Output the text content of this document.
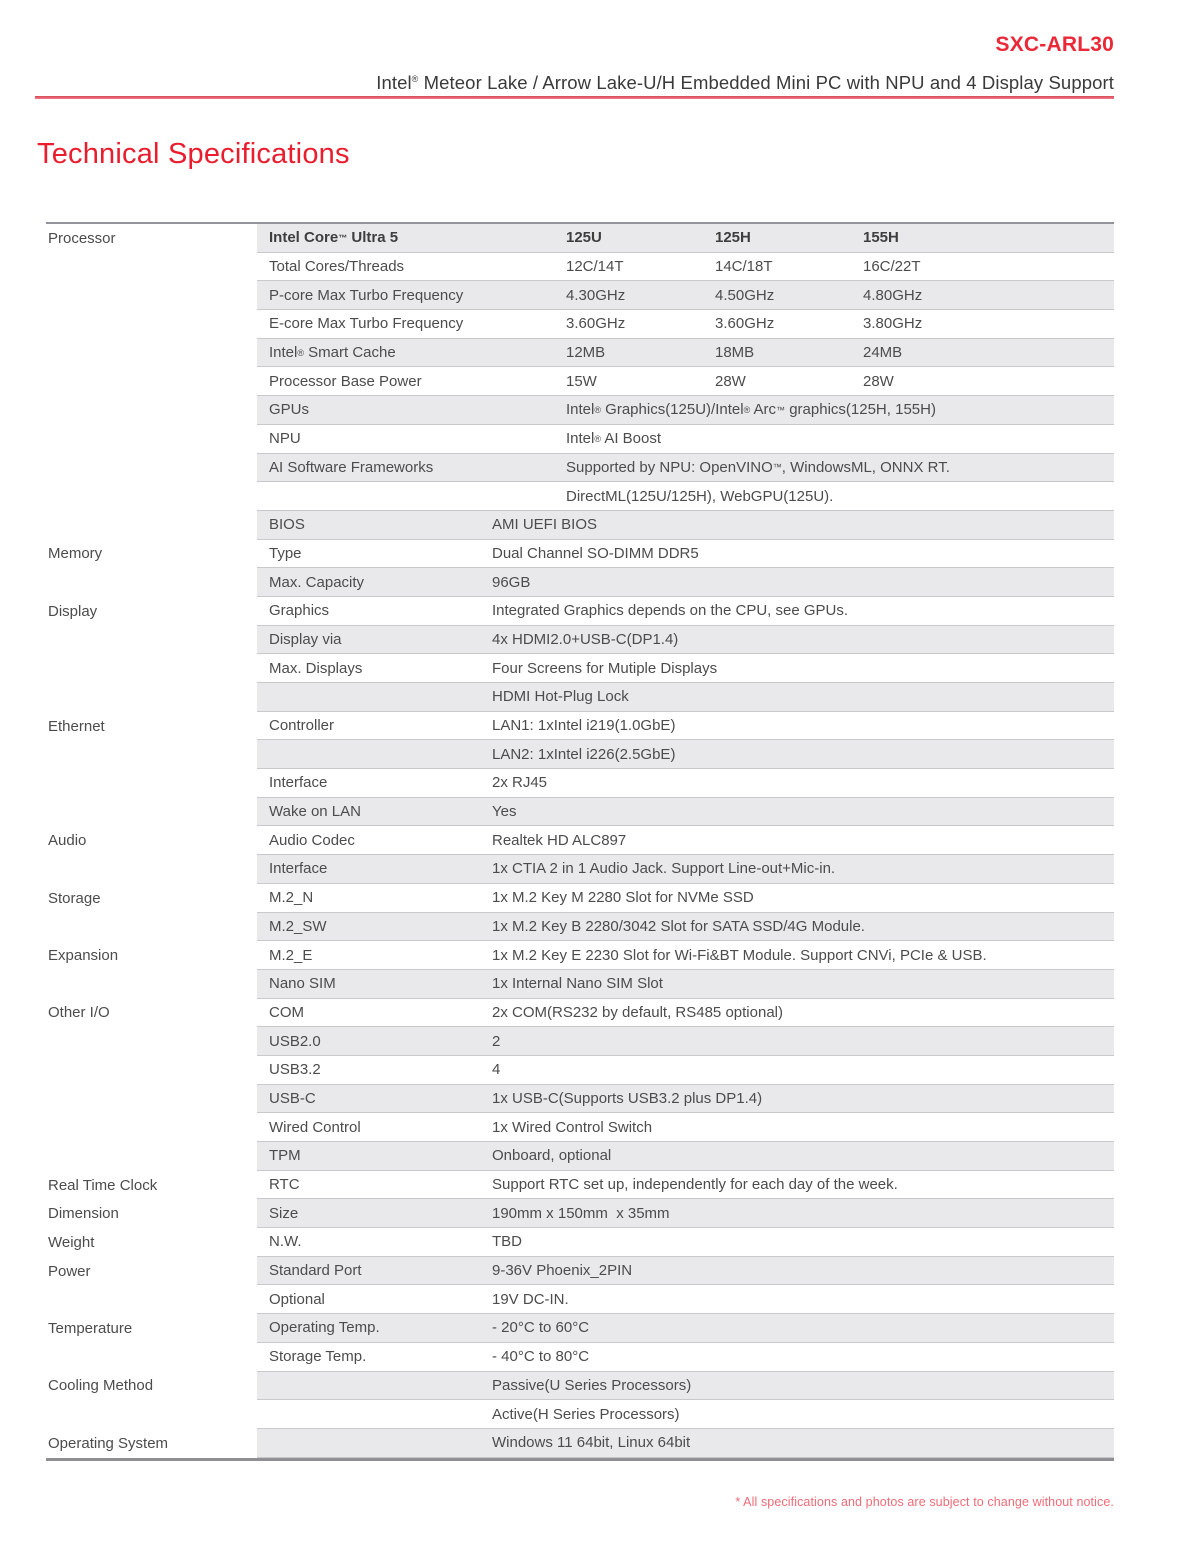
SXC-ARL30
Intel® Meteor Lake / Arrow Lake-U/H Embedded Mini PC with NPU and 4 Display Support
Technical Specifications
Processor	Intel Core ™ Ultra 5	125U	125H	155H
Total Cores/Threads	12C/14T	14C/18T	16C/22T
P-core Max Turbo Frequency	4.30GHz	4.50GHz	4.80GHz
E-core Max Turbo Frequency	3.60GHz	3.60GHz	3.80GHz
Intel ® Smart Cache	12MB	18MB	24MB
Processor Base Power	15W	28W	28W
GPUs	Intel ® Graphics(125U)/Intel ® Arc ™ graphics(125H, 155H)
NPU	Intel ® AI Boost
AI Software Frameworks	Supported by NPU: OpenVINO ™ , WindowsML, ONNX RT.
DirectML(125U/125H), WebGPU(125U).
BIOS	AMI UEFI BIOS
Memory	Type	Dual Channel SO-DIMM DDR5
Max. Capacity	96GB
Display	Graphics	Integrated Graphics depends on the CPU, see GPUs.
Display via	4x HDMI2.0+USB-C(DP1.4)
Max. Displays	Four Screens for Mutiple Displays
HDMI Hot-Plug Lock
Ethernet	Controller	LAN1: 1xIntel i219(1.0GbE)
LAN2: 1xIntel i226(2.5GbE)
Interface	2x RJ45
Wake on LAN	Yes
Audio	Audio Codec	Realtek HD ALC897
Interface	1x CTIA 2 in 1 Audio Jack. Support Line-out+Mic-in.
Storage	M.2_N	1x M.2 Key M 2280 Slot for NVMe SSD
M.2_SW	1x M.2 Key B 2280/3042 Slot for SATA SSD/4G Module.
Expansion	M.2_E	1x M.2 Key E 2230 Slot for Wi-Fi&BT Module. Support CNVi, PCIe & USB.
Nano SIM	1x Internal Nano SIM Slot
Other I/O	COM	2x COM(RS232 by default, RS485 optional)
USB2.0	2
USB3.2	4
USB-C	1x USB-C(Supports USB3.2 plus DP1.4)
Wired Control	1x Wired Control Switch
TPM	Onboard, optional
Real Time Clock	RTC	Support RTC set up, independently for each day of the week.
Dimension	Size	190mm x 150mm  x 35mm
Weight	N.W.	TBD
Power	Standard Port	9-36V Phoenix_2PIN
Optional	19V DC-IN.
Temperature	Operating Temp.	- 20°C to 60°C
Storage Temp.	- 40°C to 80°C
Cooling Method	Passive(U Series Processors)
Active(H Series Processors)
Operating System	Windows 11 64bit, Linux 64bit
* All specifications and photos are subject to change without notice.
